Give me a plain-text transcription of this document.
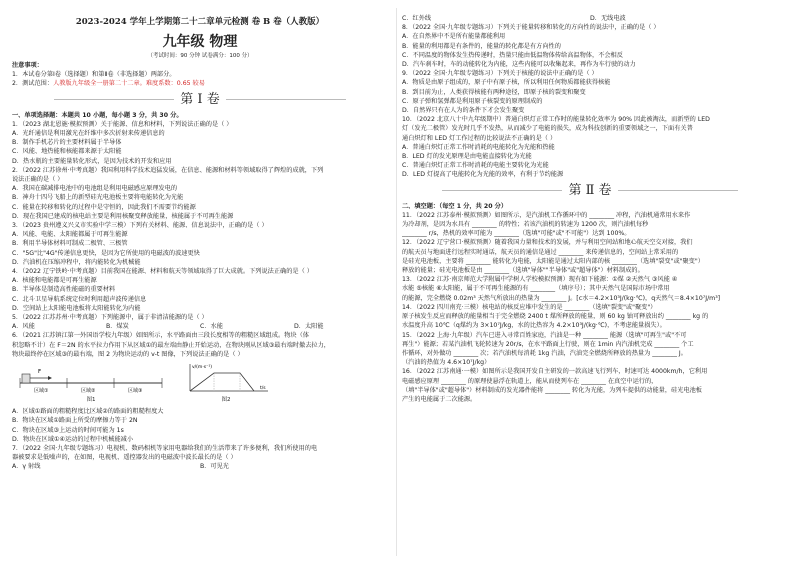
2023-2024 学年上学期第二十二章单元检测 卷 B 卷（人教版）
九年级 物理
（考试时间：90 分钟 试卷满分：100 分）
注意事项：
1．本试卷分第Ⅰ卷（选择题）和第Ⅱ卷（非选择题）两部分。
2．测试范围：人教版九年级全一册第二十二章。难度系数：0.65 较易
第 Ⅰ 卷
一、单项选择题：本题共 10 小题，每小题 3 分，共 30 分。
1．（2023 湖北恩施·模拟预测）关于能源、信息和材料，下列说法正确的是（ ）
A．光纤通信是利用激光在纤维中多次折射来传递信息的
B．制作手机芯片的主要材料属于半导体
C．风能、地热能和核能都来源于太阳能
D．热水瓶的主要能量转化形式，是因为技术的开发和应用
2．（2022 江苏徐州·中考真题）我国利用科学技术追猛发展，在信息、能源和材料等领域取得了辉煌的成就，下列
说法正确的是（ ）
A．我国在碳减排电池中的电池组是利用电磁感应原理发电的
B．神舟十四号飞船上的新型硅光电池板主要将电能转化为光能
C．能量在转移和转化的过程中是守恒的，因此我们不需要节约能源
D．现在我国已建成的核电站主要是利用核聚变释放能量，核能属于不可再生能源
3．（2023 贵州遵义兴义市实验中学三模）下列有关材料、能源、信息说法中，正确的是（ ）
A．风能、电能、太阳能都属于可再生能源
B．利用半导体材料可制成二极管、三极管
C．"5G"比"4G"传递信息更快，是因为它所使用的电磁波的波速更快
D．汽油机在压缩冲程中，将内能转化为机械能
4．（2022 辽宁铁岭·中考真题）目前我国在能源、材料和航天等领域取得了巨大成就。下列说法正确的是（ ）
A．核能和电能都是可再生能源
B．半导体是制造高性能磁的重要材料
C．北斗卫星导航系统定位时利用超声波传递信息
D．空间站上太阳能电池板将太阳能转化为内能
5．（2022 江苏苏州·中考真题）下列能源中，属于非清洁能源的是（ ）
A．风能	B．煤炭	C．水能	D．太阳能
6．（2021 江苏镇江第一外国语学校九年级）如图所示，水平路面由三段长度相等的粗糙区域组成。物块（体
积忽略不计）在 F＝2N 的水平拉力作用下从区域①的最左端由静止开始运动，在物块刚从区域③最右端时撤去拉力，
物块最终停在区域③的最右端，图 2 为物块运动的 v-t 图像，下列说法正确的是（ ）
F
区域①	区域②	区域③
图1
v/(m·s⁻¹)
t/s
图2
A．区域①路面的粗糙程度比区域②的路面的粗糙程度大
B．物块在区域①路面上所受的摩擦力等于 2N
C．物块在区域③上运动的时间可能为 1s
D．物块在区域①④运动的过程中机械能减小
7．（2022 全国·九年级专题练习）电视机、数码相机等家用电器给我们的生活带来了许多便利，我们所使用的电
器被要求是低噪声的，在如图，电视机、遥控器发出的电磁波中波长最长的是（ ）
A．γ 射线	B．可见光
C．红外线	D．无线电波
8．（2022 全国·九年级专题练习）下列关于能量转移和转化的方向性的说法中，正确的是（ ）
A．在自然界中不是所有能量都能利用
B．能量的利用都是有条件的，能量的转化都是有方向性的
C．不同温度的物体发生热传递时，热量只能由低温物体传给高温物体，不会相反
D．汽车刹车时，车的动能转化为内能，这些内能可以收集起来，再作为车行驶的动力
9．（2022 全国·九年级专题练习）下列关于核能的说法中正确的是（ ）
A．物质是由原子组成的，原子中有原子核，所以利用任何物质都能获得核能
B．到目前为止，人类获得核能有两种途径，即原子核的裂变和聚变
C．原子弹和氢弹都是利用原子核裂变的原理制成的
D．自然界只有在人为的条件下才会发生聚变
10．（2022 北京八十中九年级期中）普通白炽灯正常工作时的能量转化效率为 90% 因此被淘汰，而新型的 LED
灯（发光二极管）发光时几乎不发热，从而减少了电能的损失，成为科技创新的重要领域之一，下面有关普
通白炽灯和 LED 灯工作过程的比较说法不正确的是（ ）
A．普通白炽灯正常工作时消耗的电能转化为光能和热能
B．LED 灯的发光原理是由电能直接转化为光能
C．普通白炽灯正常工作时消耗的电能主要转化为光能
D．LED 灯提高了电能转化为光能的效率，有利于节约能源
第 Ⅱ 卷
二、填空题：（每空 1 分，共 20 分）
11．（2022 江苏泰州·模拟预测）如图所示，是汽油机工作循环中的 ________ 冲程，汽油机通常用水来作
为冷却剂，是因为水具有 ________ 的特性；若该汽油机的转速为 1200 次，则汽油机每秒
________ r/s，热机的效率可能为 ________（选填"可能"或"不可能"）达到 100%。
12．（2022 辽宁营口·模拟预测）随着我国力量和技术的发展，并与利用空间站和地心航天空交对接，我们
的航天员与地面进行远程实时通话，航天员的通信是通过 ________ 来传递信息的，空间站上常采用的
是硅光电池板，主要将 ________ 能转化为电能，太阳能是通过太阳内部的核 ________（选填"裂变"或"聚变"）
释放的能量；硅光电池板是由 ________（选填"导体""半导体"或"超导体"）材料制成的。
13．（2022 江苏·南京师范大学附属中学树人学校模拟预测）现有如下能源：①煤 ②天然气 ③风能 ④
水能 ⑤核能 ⑥太阳能，属于不可再生能源的有 ________（填序号）；其中天然气是国际市场中常用
的能源，完全燃烧 0.02m³ 天然气所放出的热量为 ________ J。[c水＝4.2×10³J/(kg·℃)，q天然气＝8.4×10⁷J/m³]
14．（2022 四川南充·三模）核电站的核反应堆中发生的是 ________（选填"裂变"或"聚变"）
原子核发生反应而释放的能量相当于完全燃烧 2400 t 煤所释放的能量，则 60 kg 铀可释放出约 ________ kg 的
水温度升高 10℃（q煤约为 3×10⁷J/kg，水的比热容为 4.2×10³J/(kg·℃)，不考虑能量损失）。
15．（2022 上海·九年级）汽车已进入寻常百姓家庭，汽油是一种 ________ 能源（选填"可再生"或"不可
再生"）能源；若某汽油机飞轮转速为 20r/s，在水平路面上行驶，则在 1min 内汽油机完成 ________ 个工
作循环，对外做功 ________ 次；若汽油机每消耗 1kg 汽油，汽油完全燃烧所释放的热量为 ________ J。
（汽油的热值为 4.6×10⁷J/kg）
16．（2022 江苏南通·一模）如图所示是我国开发自主研发的一款高速飞行列车，时速可达 4000km/h，它利用
电磁感应原理 ________ 的原理使悬浮在轨道上，能从而使列车在 ________ 在真空中运行的，
（填"半导体"或"超导体"）材料制成的发光器件能将 ________ 转化为光能，为列车提供的动能量，硅光电池板
产生的电能属于二次能源。
